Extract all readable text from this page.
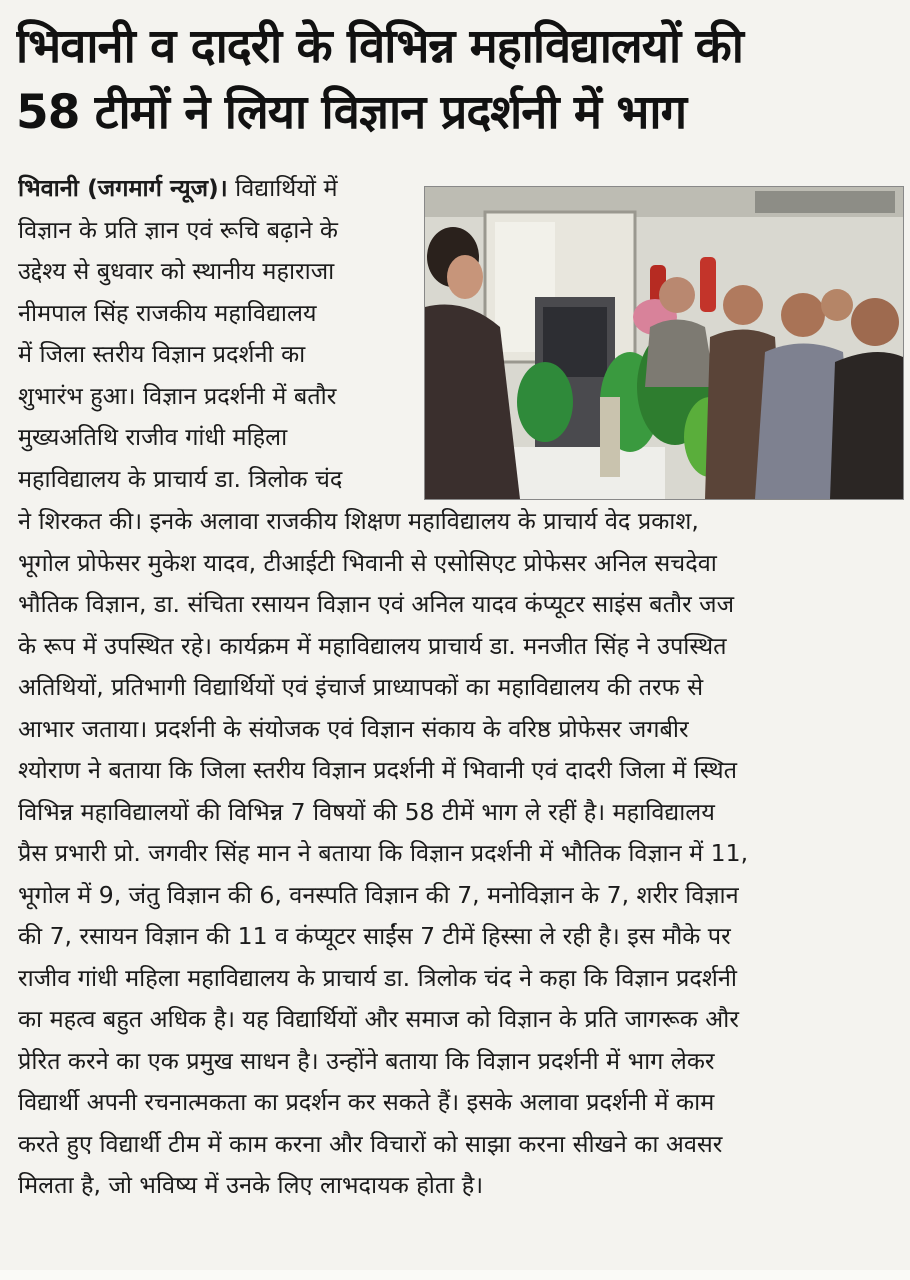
भिवानी व दादरी के विभिन्न महाविद्यालयों की
58 टीमों ने लिया विज्ञान प्रदर्शनी में भाग
भिवानी (जगमार्ग न्यूज)। विद्यार्थियों में
विज्ञान के प्रति ज्ञान एवं रूचि बढ़ाने के
उद्देश्य से बुधवार को स्थानीय महाराजा
नीमपाल सिंह राजकीय महाविद्यालय
में जिला स्तरीय विज्ञान प्रदर्शनी का
शुभारंभ हुआ। विज्ञान प्रदर्शनी में बतौर
मुख्यअतिथि राजीव गांधी महिला
महाविद्यालय के प्राचार्य डा. त्रिलोक चंद
ने शिरकत की। इनके अलावा राजकीय शिक्षण महाविद्यालय के प्राचार्य वेद प्रकाश,
भूगोल प्रोफेसर मुकेश यादव, टीआईटी भिवानी से एसोसिएट प्रोफेसर अनिल सचदेवा
भौतिक विज्ञान, डा. संचिता रसायन विज्ञान एवं अनिल यादव कंप्यूटर साइंस बतौर जज
के रूप में उपस्थित रहे। कार्यक्रम में महाविद्यालय प्राचार्य डा. मनजीत सिंह ने उपस्थित
अतिथियों, प्रतिभागी विद्यार्थियों एवं इंचार्ज प्राध्यापकों का महाविद्यालय की तरफ से
आभार जताया। प्रदर्शनी के संयोजक एवं विज्ञान संकाय के वरिष्ठ प्रोफेसर जगबीर
श्योराण ने बताया कि जिला स्तरीय विज्ञान प्रदर्शनी में भिवानी एवं दादरी जिला में स्थित
विभिन्न महाविद्यालयों की विभिन्न 7 विषयों की 58 टीमें भाग ले रहीं है। महाविद्यालय
प्रैस प्रभारी प्रो. जगवीर सिंह मान ने बताया कि विज्ञान प्रदर्शनी में भौतिक विज्ञान में 11,
भूगोल में 9, जंतु विज्ञान की 6, वनस्पति विज्ञान की 7, मनोविज्ञान के 7, शरीर विज्ञान
की 7, रसायन विज्ञान की 11 व कंप्यूटर साईंस 7 टीमें हिस्सा ले रही है। इस मौके पर
राजीव गांधी महिला महाविद्यालय के प्राचार्य डा. त्रिलोक चंद ने कहा कि विज्ञान प्रदर्शनी
का महत्व बहुत अधिक है। यह विद्यार्थियों और समाज को विज्ञान के प्रति जागरूक और
प्रेरित करने का एक प्रमुख साधन है। उन्होंने बताया कि विज्ञान प्रदर्शनी में भाग लेकर
विद्यार्थी अपनी रचनात्मकता का प्रदर्शन कर सकते हैं। इसके अलावा प्रदर्शनी में काम
करते हुए विद्यार्थी टीम में काम करना और विचारों को साझा करना सीखने का अवसर
मिलता है, जो भविष्य में उनके लिए लाभदायक होता है।
